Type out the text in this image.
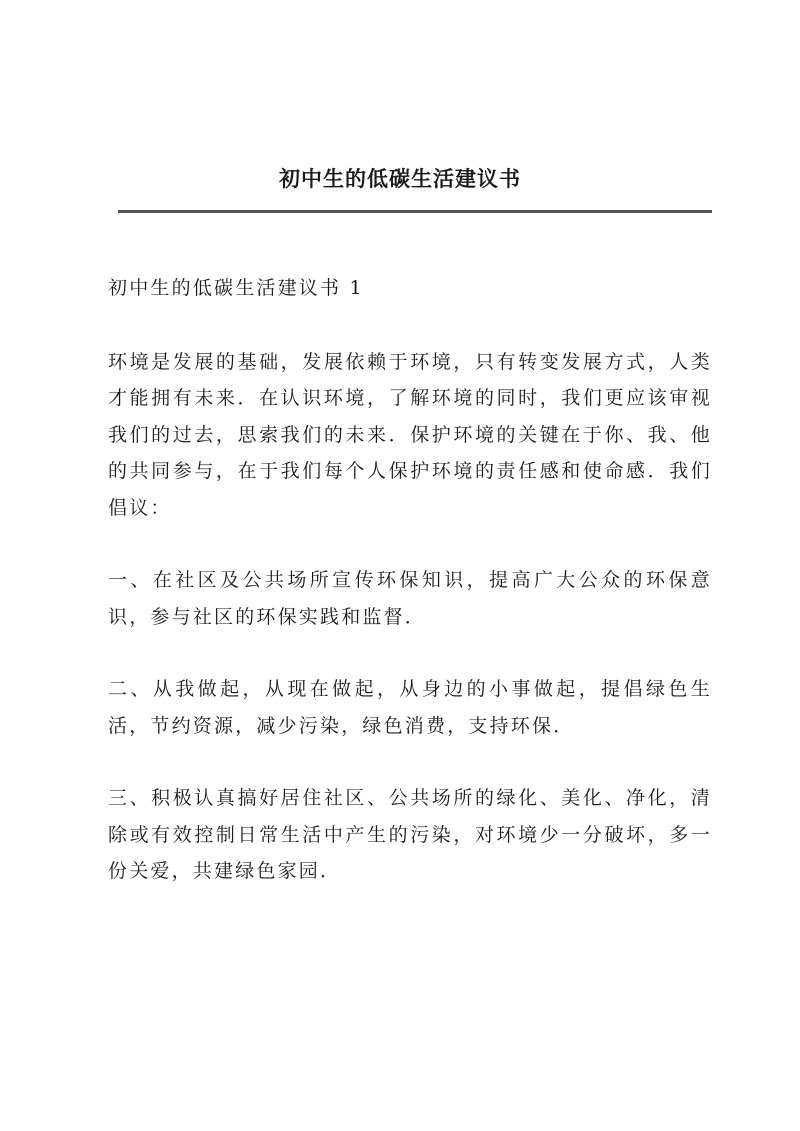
初中生的低碳生活建议书

初中生的低碳生活建议书 1

环境是发展的基础，发展依赖于环境，只有转变发展方式，人类才能拥有未来．在认识环境，了解环境的同时，我们更应该审视我们的过去，思索我们的未来．保护环境的关键在于你、我、他的共同参与，在于我们每个人保护环境的责任感和使命感．我们倡议：

一、在社区及公共场所宣传环保知识，提高广大公众的环保意识，参与社区的环保实践和监督．

二、从我做起，从现在做起，从身边的小事做起，提倡绿色生活，节约资源，减少污染，绿色消费，支持环保．

三、积极认真搞好居住社区、公共场所的绿化、美化、净化，清除或有效控制日常生活中产生的污染，对环境少一分破坏，多一份关爱，共建绿色家园．
